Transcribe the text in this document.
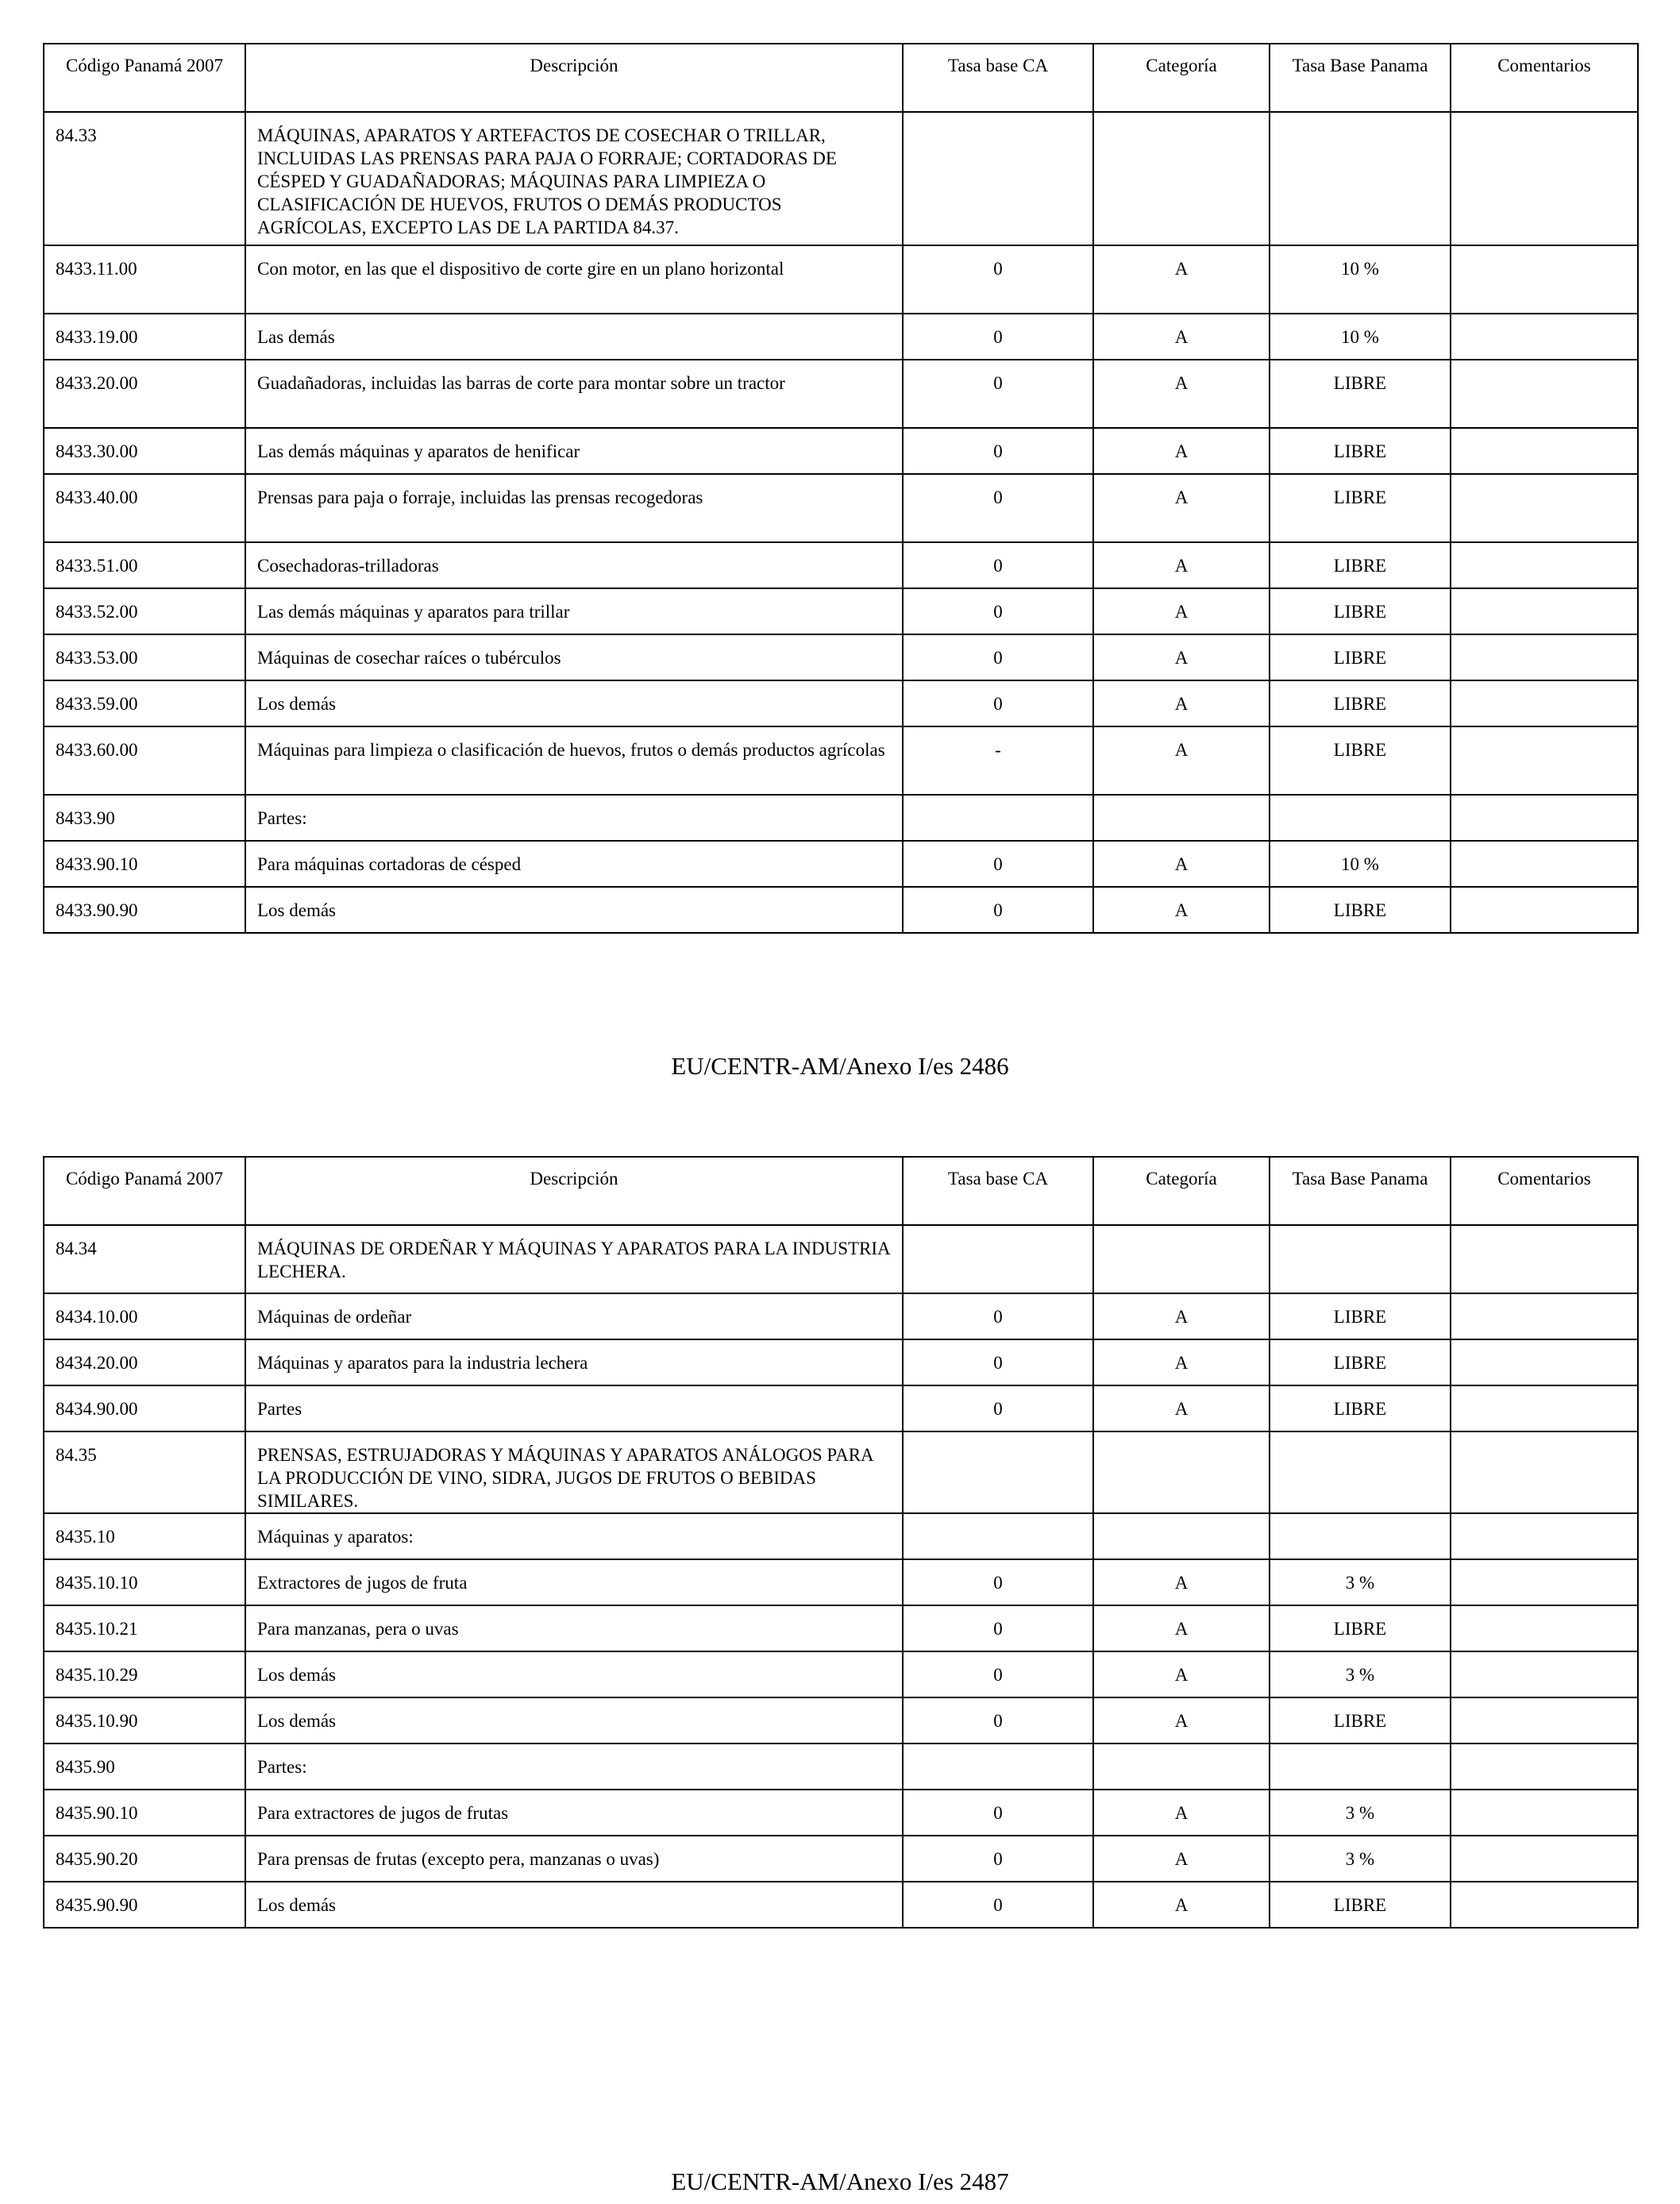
Código Panamá 2007	Descripción	Tasa base CA	Categoría	Tasa Base Panama	Comentarios
84.33	MÁQUINAS, APARATOS Y ARTEFACTOS DE COSECHAR O TRILLAR, INCLUIDAS LAS PRENSAS PARA PAJA O FORRAJE; CORTADORAS DE CÉSPED Y GUADAÑADORAS; MÁQUINAS PARA LIMPIEZA O CLASIFICACIÓN DE HUEVOS, FRUTOS O DEMÁS PRODUCTOS AGRÍCOLAS, EXCEPTO LAS DE LA PARTIDA 84.37.				
8433.11.00	Con motor, en las que el dispositivo de corte gire en un plano horizontal	0	A	10 %	
8433.19.00	Las demás	0	A	10 %	
8433.20.00	Guadañadoras, incluidas las barras de corte para montar sobre un tractor	0	A	LIBRE	
8433.30.00	Las demás máquinas y aparatos de henificar	0	A	LIBRE	
8433.40.00	Prensas para paja o forraje, incluidas las prensas recogedoras	0	A	LIBRE	
8433.51.00	Cosechadoras-trilladoras	0	A	LIBRE	
8433.52.00	Las demás máquinas y aparatos para trillar	0	A	LIBRE	
8433.53.00	Máquinas de cosechar raíces o tubérculos	0	A	LIBRE	
8433.59.00	Los demás	0	A	LIBRE	
8433.60.00	Máquinas para limpieza o clasificación de huevos, frutos o demás productos agrícolas	-	A	LIBRE	
8433.90	Partes:				
8433.90.10	Para máquinas cortadoras de césped	0	A	10 %	
8433.90.90	Los demás	0	A	LIBRE	
EU/CENTR-AM/Anexo I/es 2486
Código Panamá 2007	Descripción	Tasa base CA	Categoría	Tasa Base Panama	Comentarios
84.34	MÁQUINAS DE ORDEÑAR Y MÁQUINAS Y APARATOS PARA LA INDUSTRIA LECHERA.				
8434.10.00	Máquinas de ordeñar	0	A	LIBRE	
8434.20.00	Máquinas y aparatos para la industria lechera	0	A	LIBRE	
8434.90.00	Partes	0	A	LIBRE	
84.35	PRENSAS, ESTRUJADORAS Y MÁQUINAS Y APARATOS ANÁLOGOS PARA LA PRODUCCIÓN DE VINO, SIDRA, JUGOS DE FRUTOS O BEBIDAS SIMILARES.				
8435.10	Máquinas y aparatos:				
8435.10.10	Extractores de jugos de fruta	0	A	3 %	
8435.10.21	Para manzanas, pera o uvas	0	A	LIBRE	
8435.10.29	Los demás	0	A	3 %	
8435.10.90	Los demás	0	A	LIBRE	
8435.90	Partes:				
8435.90.10	Para extractores de jugos de frutas	0	A	3 %	
8435.90.20	Para prensas de frutas (excepto pera, manzanas o uvas)	0	A	3 %	
8435.90.90	Los demás	0	A	LIBRE	
EU/CENTR-AM/Anexo I/es 2487
